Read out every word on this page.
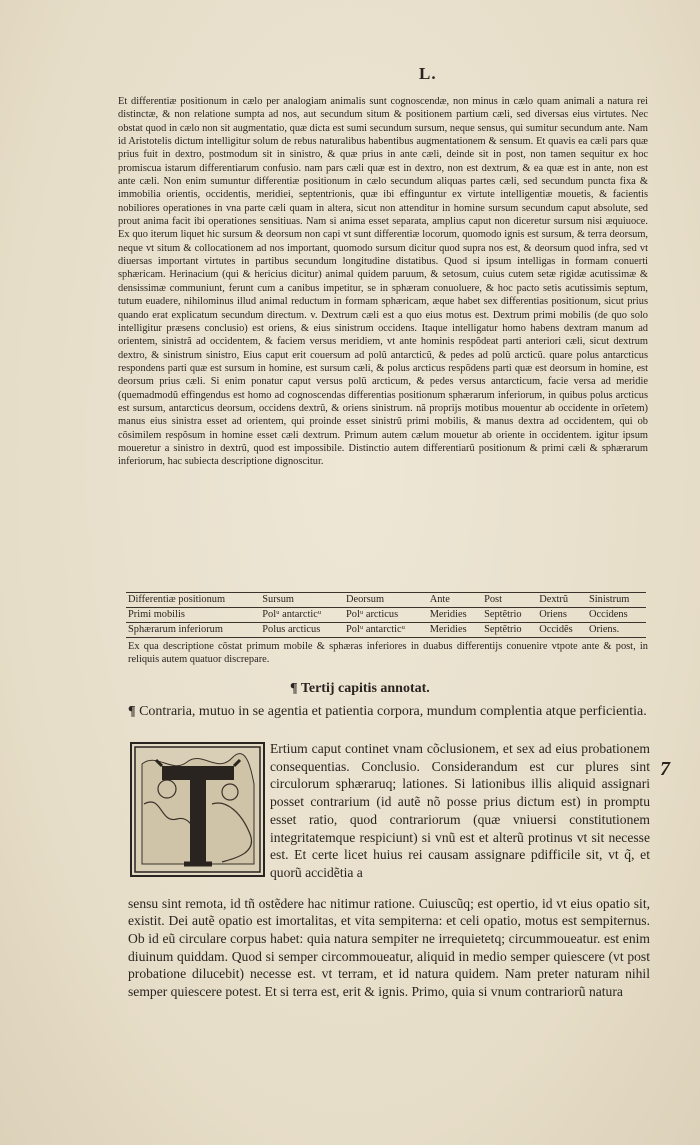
L.

Et differentiæ positionum in cælo per analogiam animalis sunt cognoscendæ, non minus in cælo quam animali a natura rei distinctæ, & non relatione sumpta ad nos, aut secundum situm & positionem partium cæli, sed diversas eius virtutes. Nec obstat quod in cælo non sit augmentatio, quæ dicta est sumi secundum sursum, neque sensus, qui sumitur secundum ante. Nam id Aristotelis dictum intelligitur solum de rebus naturalibus habentibus augmentationem & sensum. Et quavis ea cæli pars quæ prius fuit in dextro, postmodum sit in sinistro, & quæ prius in ante cæli, deinde sit in post, non tamen sequitur ex hoc promiscua istarum differentiarum confusio. nam pars cæli quæ est in dextro, non est dextrum, & ea quæ est in ante, non est ante cæli. Non enim sumuntur differentiæ positionum in cælo secundum aliquas partes cæli, sed secundum puncta fixa & immobilia orientis, occidentis, meridiei, septentrionis, quæ ibi effinguntur ex virtute intelligentiæ mouetis, & facientis nobiliores operationes in vna parte cæli quam in altera, sicut non attenditur in homine sursum secundum caput absolute, sed prout anima facit ibi operationes sensitiuas. Nam si anima esset separata, amplius caput non diceretur sursum nisi æquiuoce. Ex quo iterum liquet hic sursum & deorsum non capi vt sunt differentiæ locorum, quomodo ignis est sursum, & terra deorsum, neque vt situm & collocationem ad nos important, quomodo sursum dicitur quod supra nos est, & deorsum quod infra, sed vt diuersas important virtutes in partibus secundum longitudine distatibus. Quod si ipsum intelligas in formam conuerti sphæricam. Herinacium (qui & hericius dicitur) animal quidem paruum, & setosum, cuius cutem setæ rigidæ acutissimæ & densissimæ communiunt, ferunt cum a canibus impetitur, se in sphæram conuoluere, & hoc pacto setis acutissimis septum, tutum euadere, nihilominus illud animal reductum in formam sphæricam, æque habet sex differentias positionum, sicut prius quando erat explicatum secundum directum. v. Dextrum cæli est a quo eius motus est. Dextrum primi mobilis (de quo solo intelligitur præsens conclusio) est oriens, & eius sinistrum occidens. Itaque intelligatur homo habens dextram manum ad orientem, sinistrã ad occidentem, & faciem versus meridiem, vt ante hominis respõdeat parti anteriori cæli, sicut dextrum dextro, & sinistrum sinistro, Eius caput erit couersum ad polũ antarcticũ, & pedes ad polũ arcticũ. quare polus antarcticus respondens parti quæ est sursum in homine, est sursum cæli, & polus arcticus respõdens parti quæ est deorsum in homine, est deorsum prius cæli. Si enim ponatur caput versus polũ arcticum, & pedes versus antarcticum, facie versa ad meridie (quemadmodũ effingendus est homo ad cognoscendas differentias positionum sphærarum inferiorum, in quibus polus arcticus est sursum, antarcticus deorsum, occidens dextrũ, & oriens sinistrum. nã proprijs motibus mouentur ab occidente in orĩetem) manus eius sinistra esset ad orientem, qui proinde esset sinistrũ primi mobilis, & manus dextra ad occidentem, qui ob cõsimilem respõsum in homine esset cæli dextrum. Primum autem cælum mouetur ab oriente in occidentem. igitur ipsum moueretur a sinistro in dextrũ, quod est impossibile. Distinctio autem differentiarũ positionum & primi cæli & sphærarum inferiorum, hac subiecta descriptione dignoscitur.

Differentiæ positionum	Sursum	Deorsum	Ante	Post	Dextrũ	Sinistrum
Primi mobilis	Polᵘ antarcticᵘ	Polᵘ arcticus	Meridies	Septẽtrio	Oriens	Occidens
Sphærarum inferiorum	Polus arcticus	Polᵘ antarcticᵘ	Meridies	Septẽtrio	Occidẽs	Oriens.
Ex qua descriptione cõstat primum mobile & sphæras inferiores in duabus differentijs conuenire vtpote ante & post, in reliquis autem quatuor discrepare.
¶ Tertij capitis annotat.
¶ Contraria, mutuo in se agentia et patientia corpora, mundum complentia atque perficientia.

Ertium caput continet vnam cõclusionem, et sex ad eius probationem consequentias. Conclusio. Considerandum est cur plures sint circulorum sphæraruq; lationes. Si lationibus illis aliquid assignari posset contrarium (id autẽ nõ posse prius dictum est) in promptu esset ratio, quod contrariorum (quæ vniuersi constitutionem integritatemque respiciunt) si vnũ est et alterũ protinus vt sit necesse est. Et certe licet huius rei causam assignare pdifficile sit, vt q̃, et quorũ accidẽtia a

7

sensu sint remota, id tñ ostẽdere hac nitimur ratione. Cuiuscũq; est opertio, id vt eius opatio sit, existit. Dei autẽ opatio est imortalitas, et vita sempiterna: et celi opatio, motus est sempiternus. Ob id eũ circulare corpus habet: quia natura sempiter ne irrequietetq; circummoueatur. est enim diuinum quiddam. Quod si semper circommoueatur, aliquid in medio semper quiescere (vt post probatione dilucebit) necesse est. vt terram, et id natura quidem. Nam preter naturam nihil semper quiescere potest. Et si terra est, erit & ignis. Primo, quia si vnum contrariorũ natura
